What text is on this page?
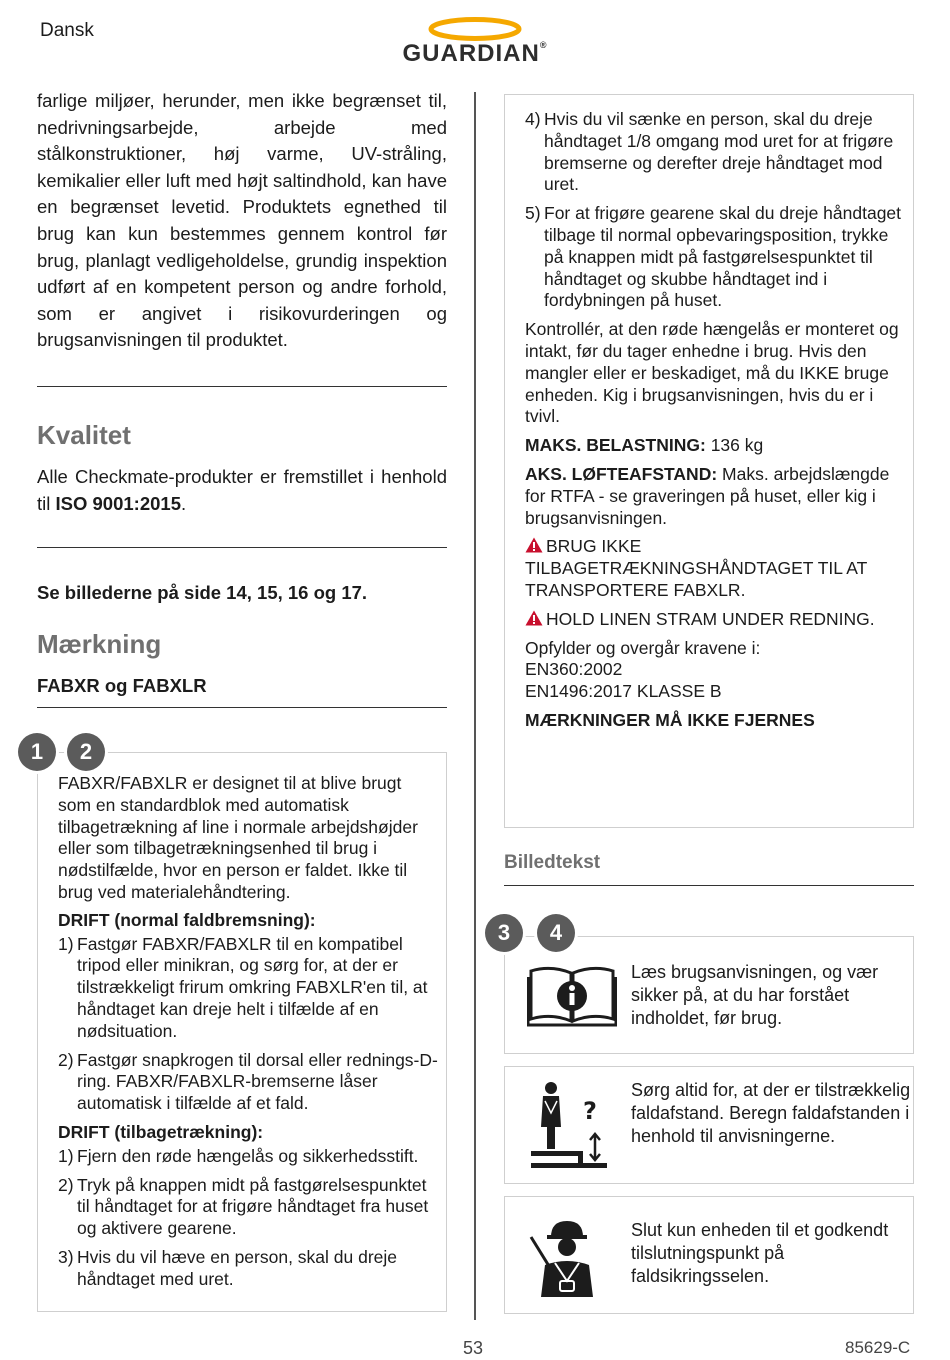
Dansk
GUARDIAN®
farlige miljøer, herunder, men ikke begrænset til, nedrivningsarbejde, arbejde med stålkonstruktioner, høj varme, UV-stråling, kemikalier eller luft med højt saltindhold, kan have en begrænset levetid. Produktets egnethed til brug kan kun bestemmes gennem kontrol før brug, planlagt vedligeholdelse, grundig inspektion udført af en kompetent person og andre forhold, som er angivet i risikovurderingen og brugsanvisningen til produktet.
Kvalitet
Alle Checkmate-produkter er fremstillet i henhold til ISO 9001:2015.
Se billederne på side 14, 15, 16 og 17.
Mærkning
FABXR og FABXLR
FABXR/FABXLR er designet til at blive brugt som en standardblok med automatisk tilbagetrækning af line i normale arbejdshøjder eller som tilbagetrækningsenhed til brug i nødstilfælde, hvor en person er faldet. Ikke til brug ved materialehåndtering.
DRIFT (normal faldbremsning):
1) Fastgør FABXR/FABXLR til en kompatibel tripod eller minikran, og sørg for, at der er tilstrækkeligt frirum omkring FABXLR'en til, at håndtaget kan dreje helt i tilfælde af en nødsituation.
2) Fastgør snapkrogen til dorsal eller rednings-D-ring. FABXR/FABXLR-bremserne låser automatisk i tilfælde af et fald.
DRIFT (tilbagetrækning):
1) Fjern den røde hængelås og sikkerhedsstift.
2) Tryk på knappen midt på fastgørelsespunktet til håndtaget for at frigøre håndtaget fra huset og aktivere gearene.
3) Hvis du vil hæve en person, skal du dreje håndtaget med uret.
1	2
4) Hvis du vil sænke en person, skal du dreje håndtaget 1/8 omgang mod uret for at frigøre bremserne og derefter dreje håndtaget mod uret.
5) For at frigøre gearene skal du dreje håndtaget tilbage til normal opbevaringsposition, trykke på knappen midt på fastgørelsespunktet til håndtaget og skubbe håndtaget ind i fordybningen på huset.
Kontrollér, at den røde hængelås er monteret og intakt, før du tager enhedne i brug. Hvis den mangler eller er beskadiget, må du IKKE bruge enheden. Kig i brugsanvisningen, hvis du er i tvivl.
MAKS. BELASTNING: 136 kg
AKS. LØFTEAFSTAND: Maks. arbejdslængde for RTFA - se graveringen på huset, eller kig i brugsanvisningen.
BRUG IKKE TILBAGETRÆKNINGSHÅNDTAGET TIL AT TRANSPORTERE FABXLR.
HOLD LINEN STRAM UNDER REDNING.
Opfylder og overgår kravene i:
EN360:2002
EN1496:2017 KLASSE B
MÆRKNINGER MÅ IKKE FJERNES
Billedtekst
Læs brugsanvisningen, og vær sikker på, at du har forstået indholdet, før brug.
3	4
?
Sørg altid for, at der er tilstrækkelig faldafstand. Beregn faldafstanden i henhold til anvisningerne.
Slut kun enheden til et godkendt tilslutningspunkt på faldsikringsselen.
53	85629-C
